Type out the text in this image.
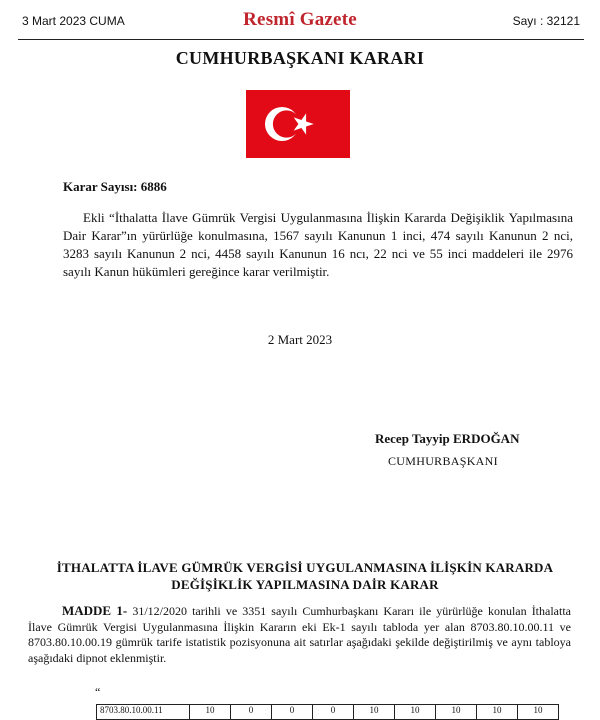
3 Mart 2023 CUMA	Resmî Gazete	Sayı : 32121
CUMHURBAŞKANI KARARI
Karar Sayısı: 6886

Ekli “İthalatta İlave Gümrük Vergisi Uygulanmasına İlişkin Kararda Değişiklik Yapılmasına Dair Karar”ın yürürlüğe konulmasına, 1567 sayılı Kanunun 1 inci, 474 sayılı Kanunun 2 nci, 3283 sayılı Kanunun 2 nci, 4458 sayılı Kanunun 16 ncı, 22 nci ve 55 inci maddeleri ile 2976 sayılı Kanun hükümleri gereğince karar verilmiştir.

2 Mart 2023
Recep Tayyip ERDOĞAN
CUMHURBAŞKANI
İTHALATTA İLAVE GÜMRÜK VERGİSİ UYGULANMASINA İLİŞKİN KARARDA
DEĞİŞİKLİK YAPILMASINA DAİR KARAR

MADDE 1- 31/12/2020 tarihli ve 3351 sayılı Cumhurbaşkanı Kararı ile yürürlüğe konulan İthalatta İlave Gümrük Vergisi Uygulanmasına İlişkin Kararın eki Ek-1 sayılı tabloda yer alan 8703.80.10.00.11 ve 8703.80.10.00.19 gümrük tarife istatistik pozisyonuna ait satırlar aşağıdaki şekilde değiştirilmiş ve aynı tabloya aşağıdaki dipnot eklenmiştir.

“
8703.80.10.00.11	10	0	0	0	10	10	10	10	10
